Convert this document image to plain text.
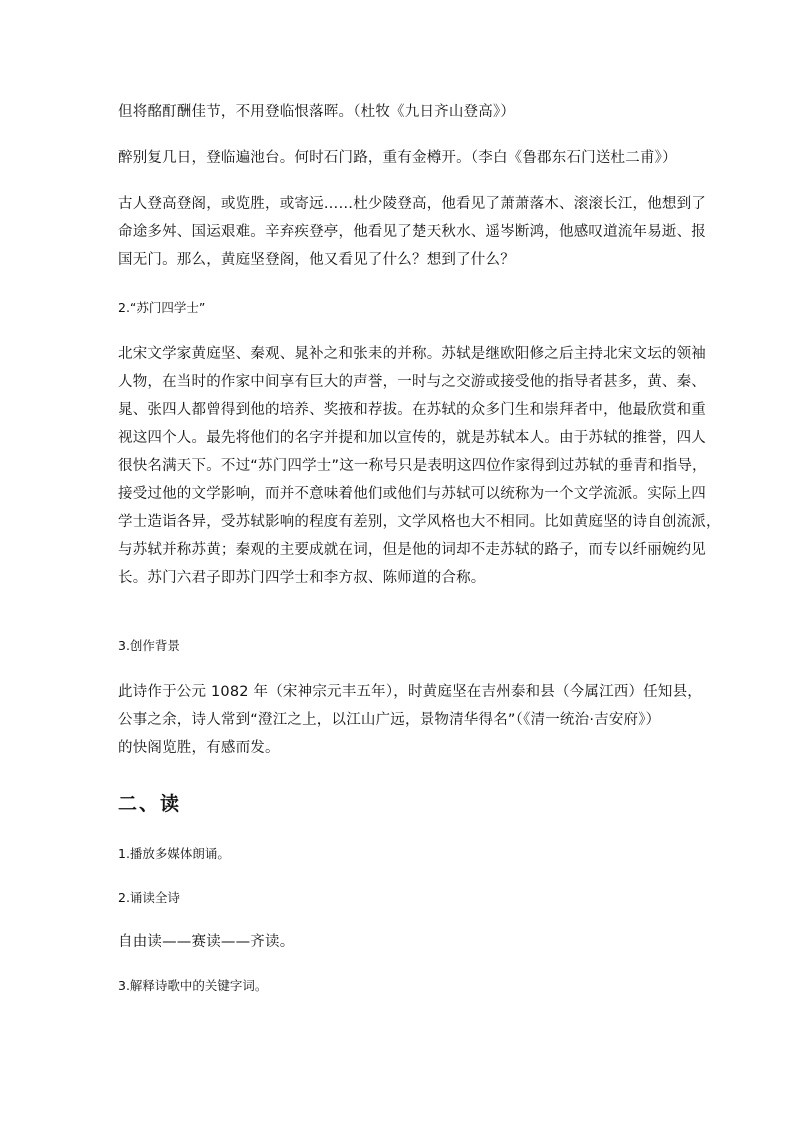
但将酩酊酬佳节，不用登临恨落晖。（杜牧《九日齐山登高》）

醉别复几日，登临遍池台。何时石门路，重有金樽开。（李白《鲁郡东石门送杜二甫》）

古人登高登阁，或览胜，或寄远……杜少陵登高，他看见了萧萧落木、滚滚长江，他想到了
命途多舛、国运艰难。辛弃疾登亭，他看见了楚天秋水、遥岑断鸿，他感叹道流年易逝、报
国无门。那么，黄庭坚登阁，他又看见了什么？想到了什么？

2.“苏门四学士”

北宋文学家黄庭坚、秦观、晁补之和张耒的并称。苏轼是继欧阳修之后主持北宋文坛的领袖
人物，在当时的作家中间享有巨大的声誉，一时与之交游或接受他的指导者甚多，黄、秦、
晁、张四人都曾得到他的培养、奖掖和荐拔。在苏轼的众多门生和崇拜者中，他最欣赏和重
视这四个人。最先将他们的名字并提和加以宣传的，就是苏轼本人。由于苏轼的推誉，四人
很快名满天下。不过“苏门四学士”这一称号只是表明这四位作家得到过苏轼的垂青和指导，
接受过他的文学影响，而并不意味着他们或他们与苏轼可以统称为一个文学流派。实际上四
学士造诣各异，受苏轼影响的程度有差别，文学风格也大不相同。比如黄庭坚的诗自创流派，
与苏轼并称苏黄；秦观的主要成就在词，但是他的词却不走苏轼的路子，而专以纤丽婉约见
长。苏门六君子即苏门四学士和李方叔、陈师道的合称。

3.创作背景

此诗作于公元 1082 年（宋神宗元丰五年），时黄庭坚在吉州泰和县（今属江西）任知县，
公事之余，诗人常到“澄江之上，以江山广远，景物清华得名”（《清一统治·吉安府》）
的快阁览胜，有感而发。

二、读

1.播放多媒体朗诵。

2.诵读全诗

自由读——赛读——齐读。

3.解释诗歌中的关键字词。
